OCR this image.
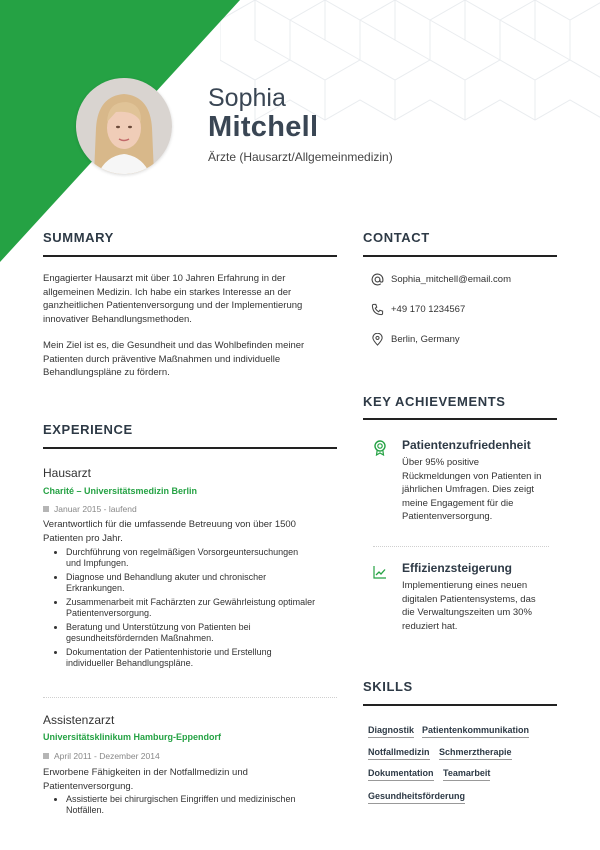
Sophia
Mitchell
Ärzte (Hausarzt/Allgemeinmedizin)
SUMMARY
Engagierter Hausarzt mit über 10 Jahren Erfahrung in der
allgemeinen Medizin. Ich habe ein starkes Interesse an der
ganzheitlichen Patientenversorgung und der Implementierung
innovativer Behandlungsmethoden.
Mein Ziel ist es, die Gesundheit und das Wohlbefinden meiner
Patienten durch präventive Maßnahmen und individuelle
Behandlungspläne zu fördern.
EXPERIENCE
Hausarzt
Charité – Universitätsmedizin Berlin
Januar 2015 - laufend
Verantwortlich für die umfassende Betreuung von über 1500
Patienten pro Jahr.
Durchführung von regelmäßigen Vorsorgeuntersuchungen
und Impfungen.
Diagnose und Behandlung akuter und chronischer
Erkrankungen.
Zusammenarbeit mit Fachärzten zur Gewährleistung optimaler
Patientenversorgung.
Beratung und Unterstützung von Patienten bei
gesundheitsfördernden Maßnahmen.
Dokumentation der Patientenhistorie und Erstellung
individueller Behandlungspläne.
Assistenzarzt
Universitätsklinikum Hamburg-Eppendorf
April 2011 - Dezember 2014
Erworbene Fähigkeiten in der Notfallmedizin und
Patientenversorgung.
Assistierte bei chirurgischen Eingriffen und medizinischen
Notfällen.
CONTACT
Sophia_mitchell@email.com
+49 170 1234567
Berlin, Germany
KEY ACHIEVEMENTS
Patientenzufriedenheit
Über 95% positive
Rückmeldungen von Patienten in
jährlichen Umfragen. Dies zeigt
meine Engagement für die
Patientenversorgung.
Effizienzsteigerung
Implementierung eines neuen
digitalen Patientensystems, das
die Verwaltungszeiten um 30%
reduziert hat.
SKILLS
Diagnostik Patientenkommunikation
Notfallmedizin Schmerztherapie
Dokumentation Teamarbeit
Gesundheitsförderung
